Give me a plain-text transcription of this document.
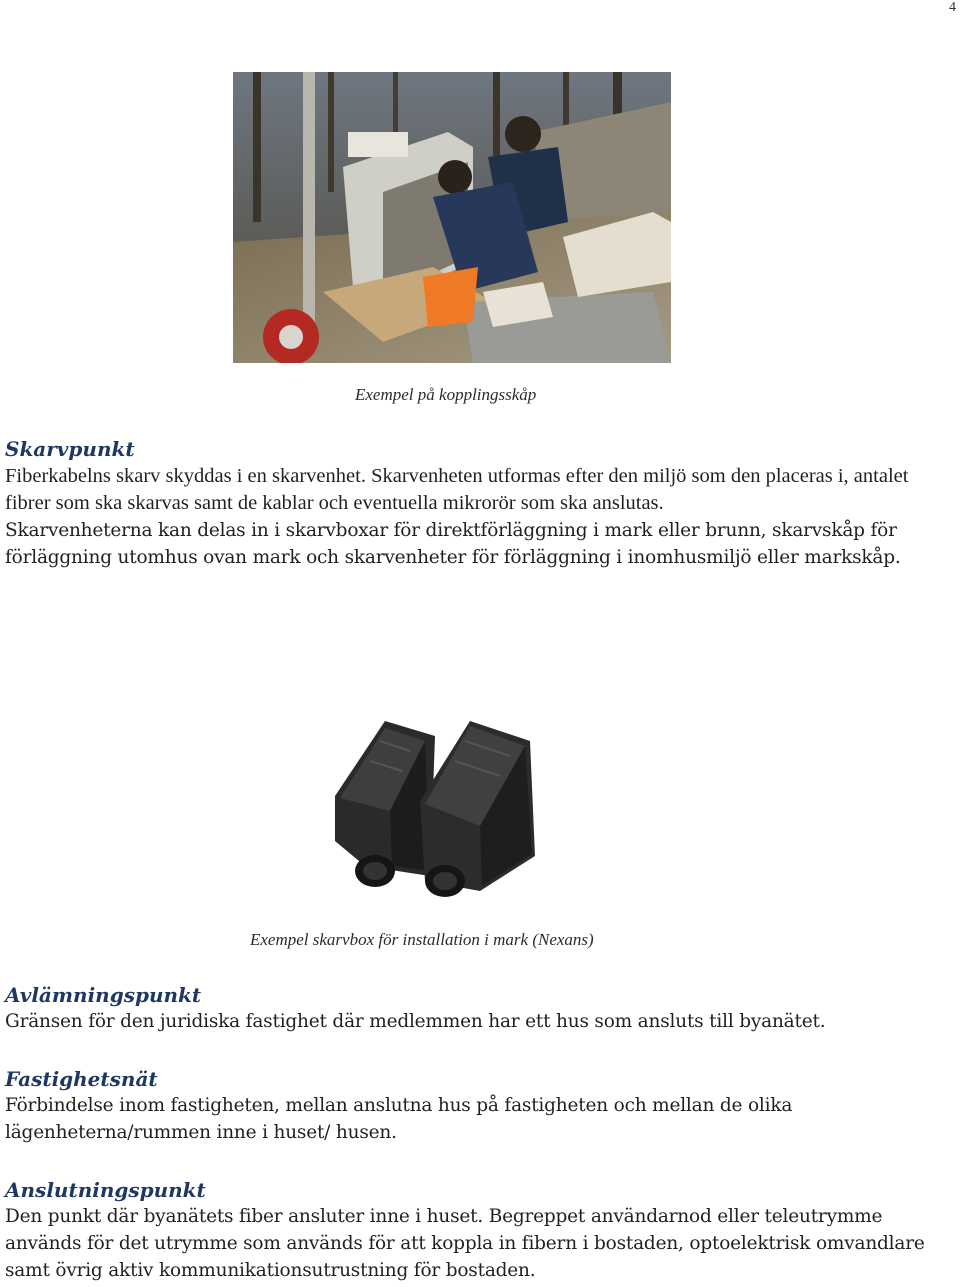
4
Exempel på kopplingsskåp
Skarvpunkt

Fiberkabelns skarv skyddas i en skarvenhet. Skarvenheten utformas efter den miljö som den placeras i, antalet fibrer som ska skarvas samt de kablar och eventuella mikrorör som ska anslutas.

Skarvenheterna kan delas in i skarvboxar för direktförläggning i mark eller brunn, skarvskåp för förläggning utomhus ovan mark och skarvenheter för förläggning i inomhusmiljö eller markskåp.

Exempel skarvbox för installation i mark (Nexans)
Avlämningspunkt

Gränsen för den juridiska fastighet där medlemmen har ett hus som ansluts till byanätet.

Fastighetsnät

Förbindelse inom fastigheten, mellan anslutna hus på fastigheten och mellan de olika lägenheterna/rummen inne i huset/ husen.

Anslutningspunkt

Den punkt där byanätets fiber ansluter inne i huset. Begreppet användarnod eller teleutrymme används för det utrymme som används för att koppla in fibern i bostaden, optoelektrisk omvandlare samt övrig aktiv kommunikationsutrustning för bostaden.
